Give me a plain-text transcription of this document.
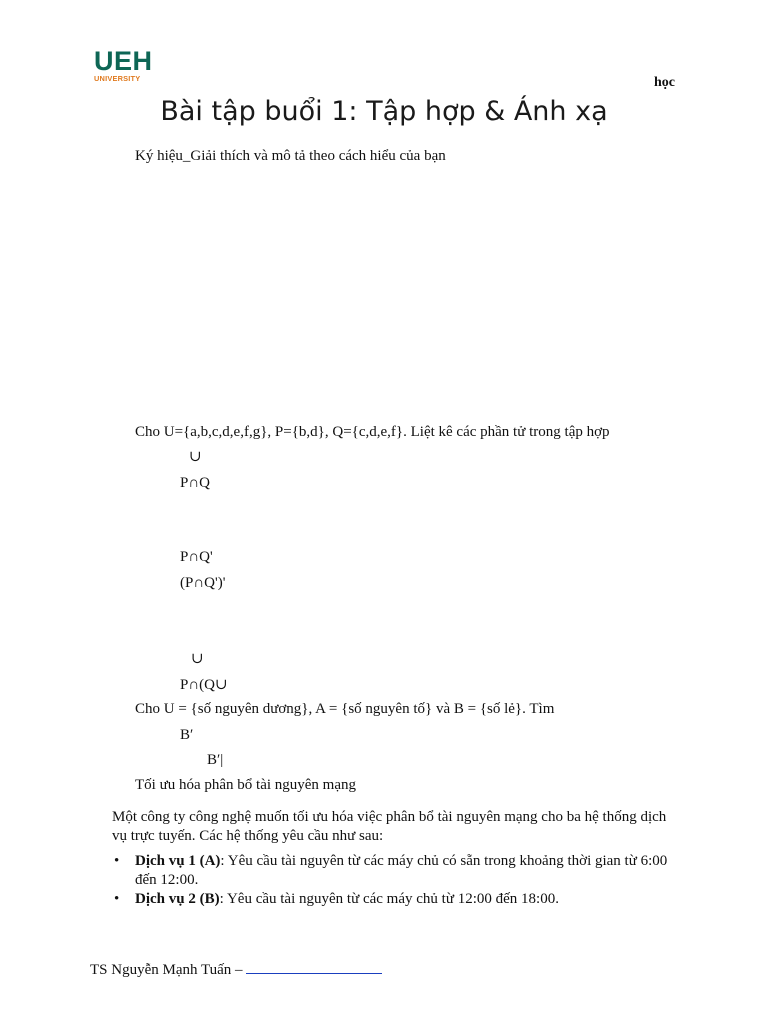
UEH
UNIVERSITY	học
Bài tập buổi 1: Tập hợp & Ánh xạ
Ký hiệu_Giải thích và mô tả theo cách hiểu của bạn
Cho U={a,b,c,d,e,f,g}, P={b,d}, Q={c,d,e,f}. Liệt kê các phần tử trong tập hợp
∪
P∩Q
P∩Q'
(P∩Q')'
∪
P∩(Q∪
Cho U = {số nguyên dương}, A = {số nguyên tố} và B = {số lẻ}. Tìm
B′
B′|
Tối ưu hóa phân bổ tài nguyên mạng
Một công ty công nghệ muốn tối ưu hóa việc phân bổ tài nguyên mạng cho ba hệ thống dịch vụ trực tuyến. Các hệ thống yêu cầu như sau:
• Dịch vụ 1 (A): Yêu cầu tài nguyên từ các máy chủ có sẵn trong khoảng thời gian từ 6:00 đến 12:00.
• Dịch vụ 2 (B): Yêu cầu tài nguyên từ các máy chủ từ 12:00 đến 18:00.
TS Nguyễn Mạnh Tuấn –
